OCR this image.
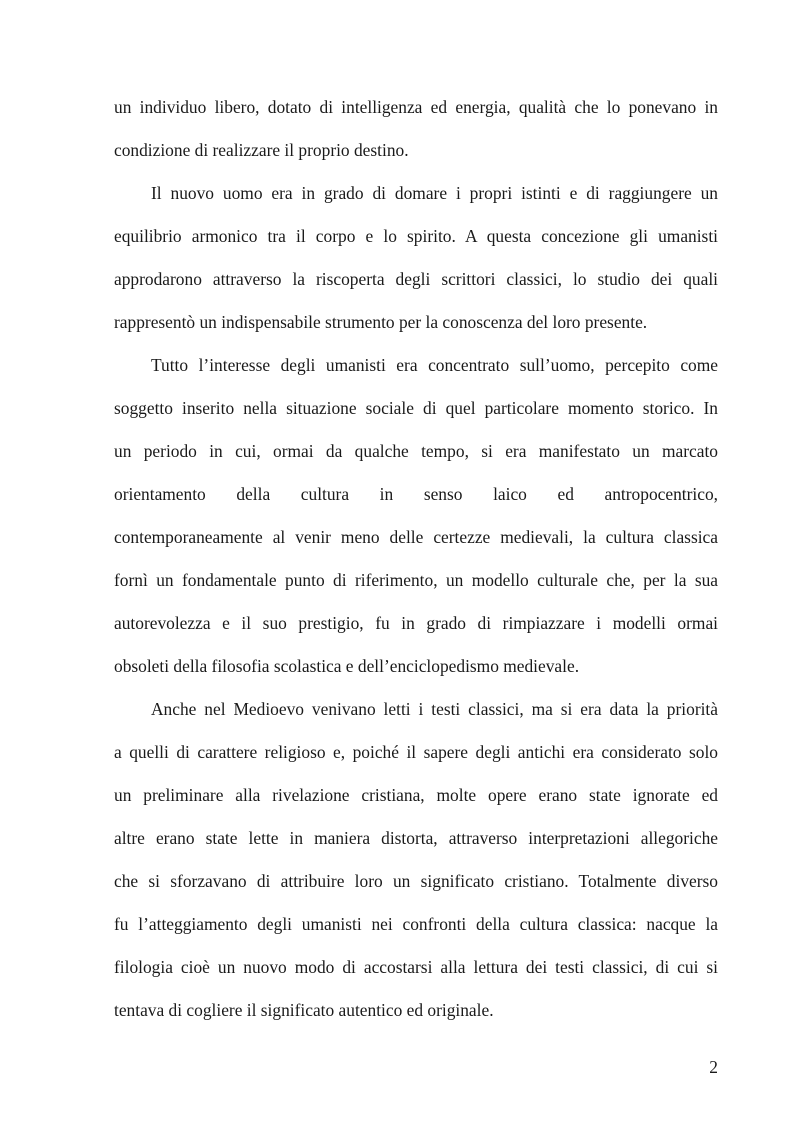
un individuo libero, dotato di intelligenza ed energia, qualità che lo ponevano in
condizione di realizzare il proprio destino.

Il nuovo uomo era in grado di domare i propri istinti e di raggiungere un
equilibrio armonico tra il corpo e lo spirito. A questa concezione gli umanisti
approdarono attraverso la riscoperta degli scrittori classici, lo studio dei quali
rappresentò un indispensabile strumento per la conoscenza del loro presente.

Tutto l’interesse degli umanisti era concentrato sull’uomo, percepito come
soggetto inserito nella situazione sociale di quel particolare momento storico. In
un periodo in cui, ormai da qualche tempo, si era manifestato un marcato
orientamento della cultura in senso laico ed antropocentrico,
contemporaneamente al venir meno delle certezze medievali, la cultura classica
fornì un fondamentale punto di riferimento, un modello culturale che, per la sua
autorevolezza e il suo prestigio, fu in grado di rimpiazzare i modelli ormai
obsoleti della filosofia scolastica e dell’enciclopedismo medievale.

Anche nel Medioevo venivano letti i testi classici, ma si era data la priorità
a quelli di carattere religioso e, poiché il sapere degli antichi era considerato solo
un preliminare alla rivelazione cristiana, molte opere erano state ignorate ed
altre erano state lette in maniera distorta, attraverso interpretazioni allegoriche
che si sforzavano di attribuire loro un significato cristiano. Totalmente diverso
fu l’atteggiamento degli umanisti nei confronti della cultura classica: nacque la
filologia cioè un nuovo modo di accostarsi alla lettura dei testi classici, di cui si
tentava di cogliere il significato autentico ed originale.

2
